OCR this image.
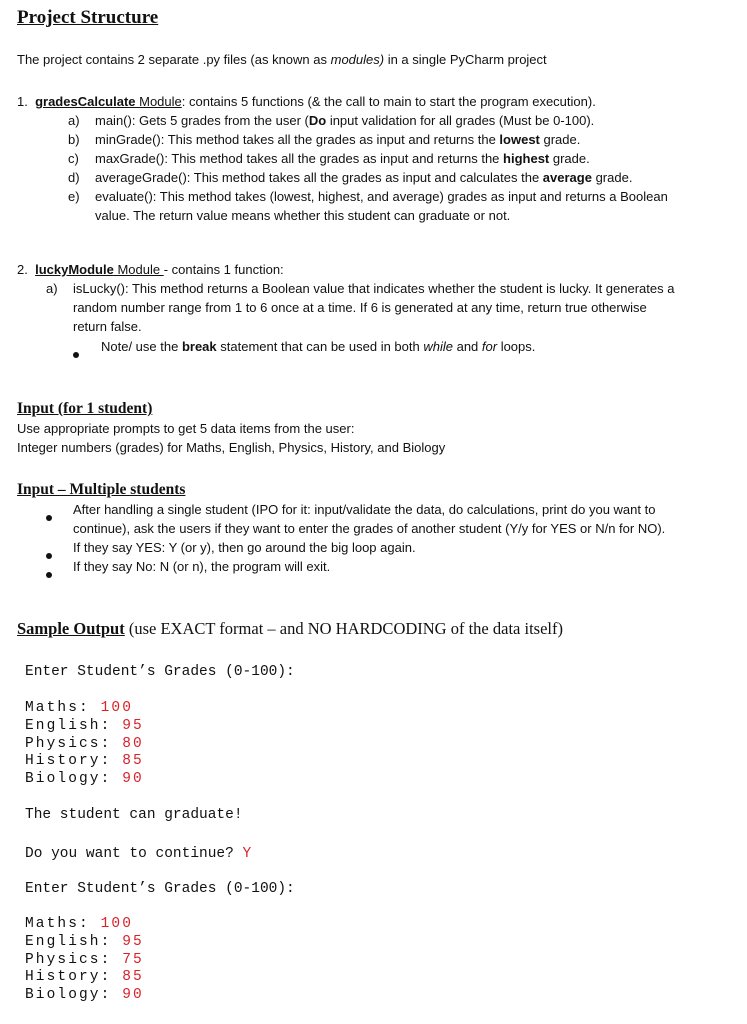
Project Structure
The project contains 2 separate .py files (as known as modules) in a single PyCharm project
1. gradesCalculate Module: contains 5 functions (& the call to main to start the program execution).
a) main(): Gets 5 grades from the user (Do input validation for all grades (Must be 0-100).
b) minGrade(): This method takes all the grades as input and returns the lowest grade.
c) maxGrade(): This method takes all the grades as input and returns the highest grade.
d) averageGrade(): This method takes all the grades as input and calculates the average grade.
e) evaluate(): This method takes (lowest, highest, and average) grades as input and returns a Boolean
value. The return value means whether this student can graduate or not.
2. luckyModule Module - contains 1 function:
a) isLucky(): This method returns a Boolean value that indicates whether the student is lucky. It generates a
random number range from 1 to 6 once at a time. If 6 is generated at any time, return true otherwise
return false.
Note/ use the break statement that can be used in both while and for loops.
Input (for 1 student)
Use appropriate prompts to get 5 data items from the user:
Integer numbers (grades) for Maths, English, Physics, History, and Biology
Input – Multiple students
After handling a single student (IPO for it: input/validate the data, do calculations, print do you want to
continue), ask the users if they want to enter the grades of another student (Y/y for YES or N/n for NO).
If they say YES: Y (or y), then go around the big loop again.
If they say No: N (or n), the program will exit.
Sample Output (use EXACT format – and NO HARDCODING of the data itself)
Enter Student’s Grades (0-100):
Maths: 100
English: 95
Physics: 80
History: 85
Biology: 90
The student can graduate!
Do you want to continue? Y
Enter Student’s Grades (0-100):
Maths: 100
English: 95
Physics: 75
History: 85
Biology: 90
